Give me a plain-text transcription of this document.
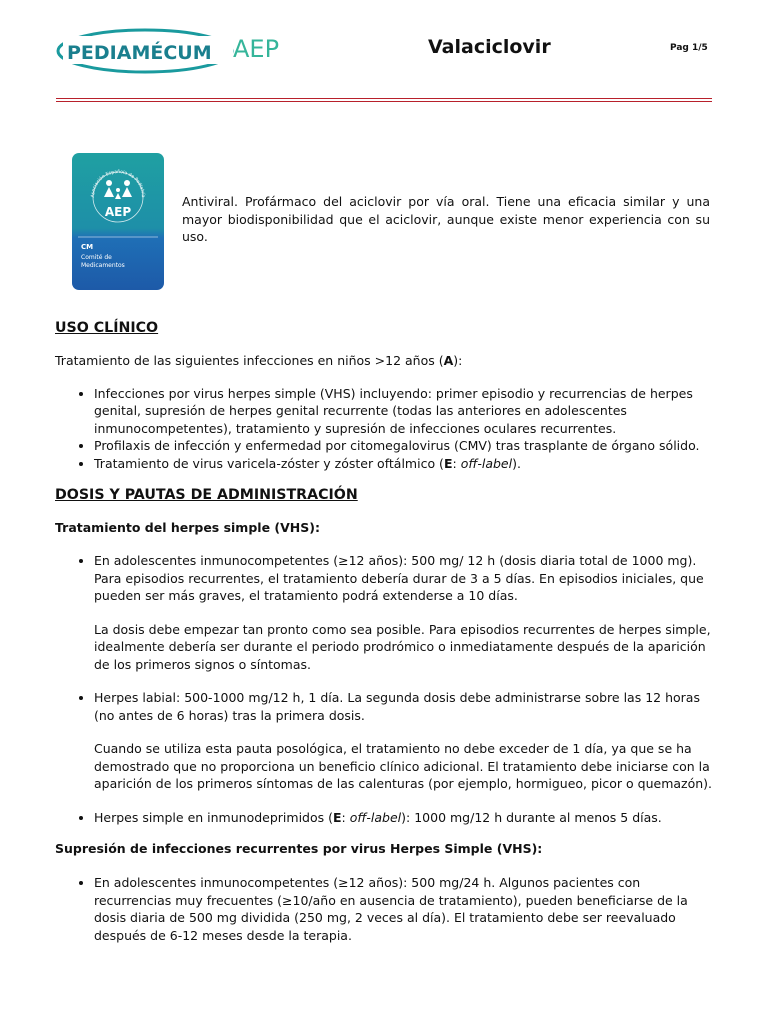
PEDIAMÉCUM AEP	Valaciclovir	Pag 1/5
Asociación Española de Pediatría
AEP
CM
Comité de
Medicamentos

Antiviral. Profármaco del aciclovir por vía oral. Tiene una eficacia similar y una mayor biodisponibilidad que el aciclovir, aunque existe menor experiencia con su uso.

USO CLÍNICO

Tratamiento de las siguientes infecciones en niños >12 años (A):

• Infecciones por virus herpes simple (VHS) incluyendo: primer episodio y recurrencias de herpes genital, supresión de herpes genital recurrente (todas las anteriores en adolescentes inmunocompetentes), tratamiento y supresión de infecciones oculares recurrentes.
• Profilaxis de infección y enfermedad por citomegalovirus (CMV) tras trasplante de órgano sólido.
• Tratamiento de virus varicela-zóster y zóster oftálmico (E: off-label).
DOSIS Y PAUTAS DE ADMINISTRACIÓN
Tratamiento del herpes simple (VHS):

• En adolescentes inmunocompetentes (≥12 años): 500 mg/ 12 h (dosis diaria total de 1000 mg). Para episodios recurrentes, el tratamiento debería durar de 3 a 5 días. En episodios iniciales, que pueden ser más graves, el tratamiento podrá extenderse a 10 días.

La dosis debe empezar tan pronto como sea posible. Para episodios recurrentes de herpes simple, idealmente debería ser durante el periodo prodrómico o inmediatamente después de la aparición de los primeros signos o síntomas.

• Herpes labial: 500-1000 mg/12 h, 1 día. La segunda dosis debe administrarse sobre las 12 horas (no antes de 6 horas) tras la primera dosis.

Cuando se utiliza esta pauta posológica, el tratamiento no debe exceder de 1 día, ya que se ha demostrado que no proporciona un beneficio clínico adicional. El tratamiento debe iniciarse con la aparición de los primeros síntomas de las calenturas (por ejemplo, hormigueo, picor o quemazón).

• Herpes simple en inmunodeprimidos (E: off-label): 1000 mg/12 h durante al menos 5 días.
Supresión de infecciones recurrentes por virus Herpes Simple (VHS):
• En adolescentes inmunocompetentes (≥12 años): 500 mg/24 h. Algunos pacientes con recurrencias muy frecuentes (≥10/año en ausencia de tratamiento), pueden beneficiarse de la dosis diaria de 500 mg dividida (250 mg, 2 veces al día). El tratamiento debe ser reevaluado después de 6-12 meses desde la terapia.
